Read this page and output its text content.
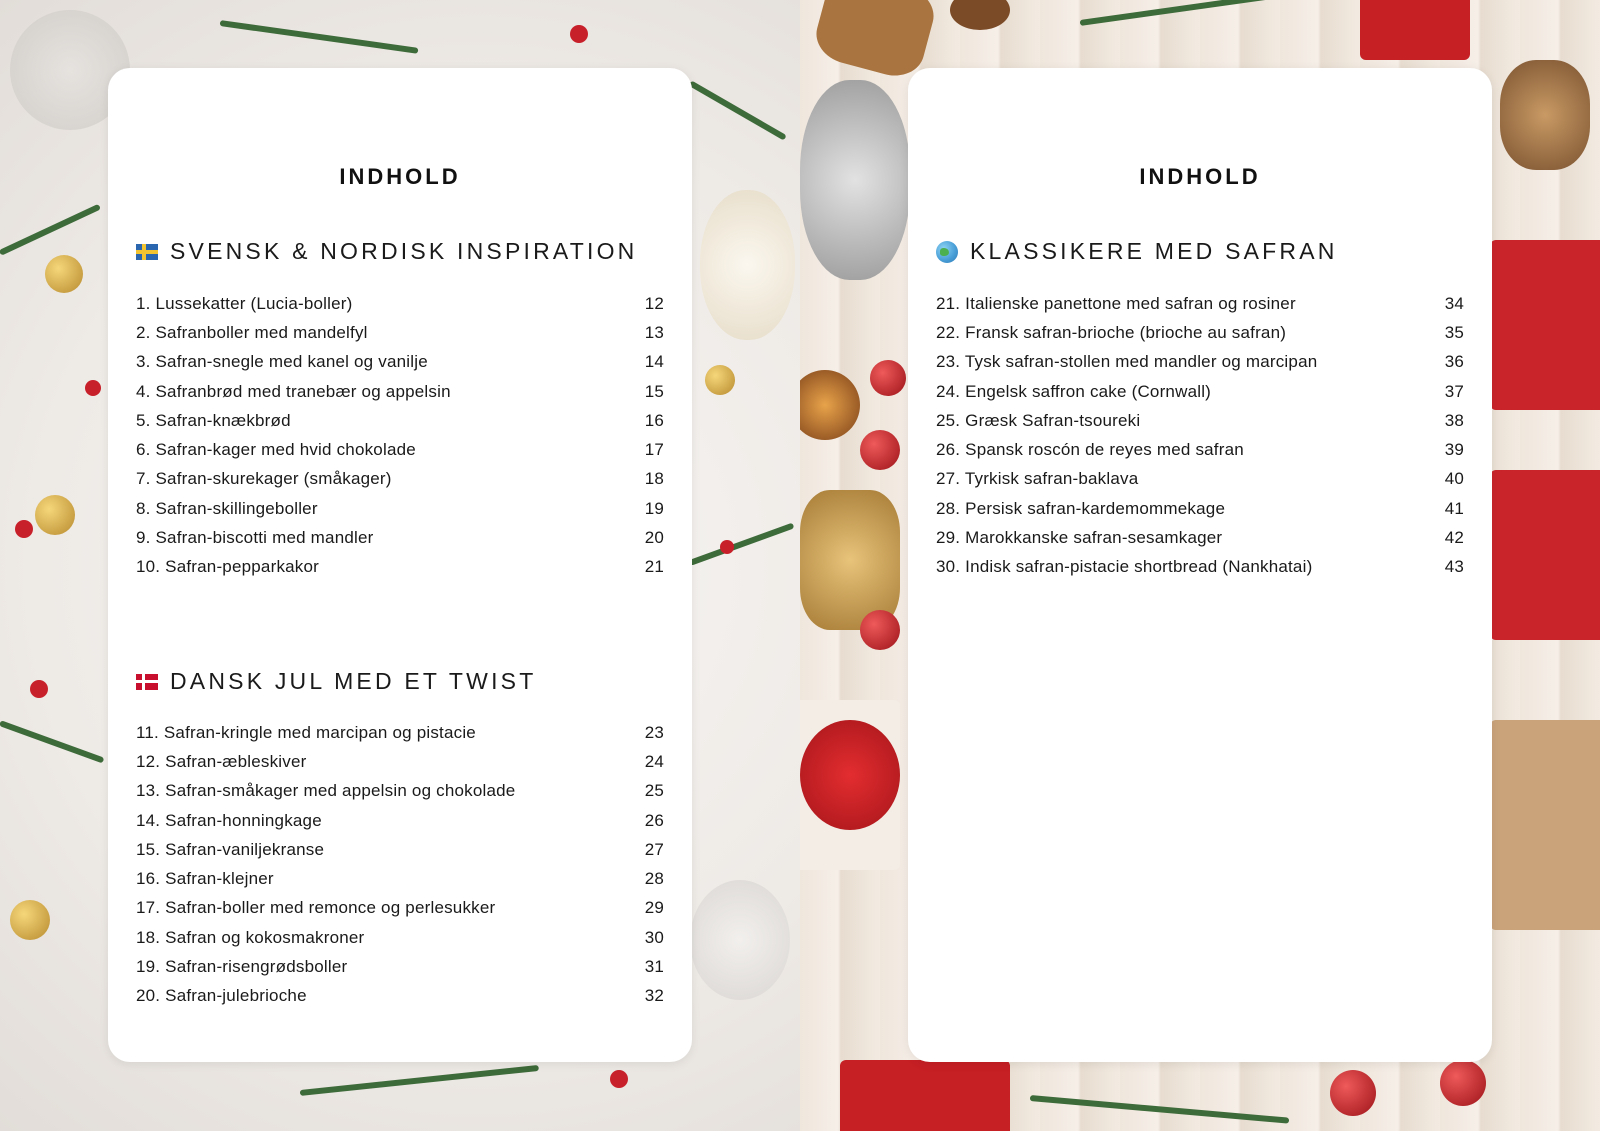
INDHOLD
SVENSK & NORDISK INSPIRATION
1. Lussekatter (Lucia-boller)	12
2. Safranboller med mandelfyl	13
3. Safran-snegle med kanel og vanilje	14
4. Safranbrød med tranebær og appelsin	15
5. Safran-knækbrød	16
6. Safran-kager med hvid chokolade	17
7. Safran-skurekager (småkager)	18
8. Safran-skillingeboller	19
9. Safran-biscotti med mandler	20
10. Safran-pepparkakor	21
DANSK JUL MED ET TWIST
11. Safran-kringle med marcipan og pistacie	23
12. Safran-æbleskiver	24
13. Safran-småkager med appelsin og chokolade	25
14. Safran-honningkage	26
15. Safran-vaniljekranse	27
16. Safran-klejner	28
17. Safran-boller med remonce og perlesukker	29
18. Safran og kokosmakroner	30
19. Safran-risengrødsboller	31
20. Safran-julebrioche	32
INDHOLD
KLASSIKERE MED SAFRAN
21. Italienske panettone med safran og rosiner	34
22. Fransk safran-brioche (brioche au safran)	35
23. Tysk safran-stollen med mandler og marcipan	36
24. Engelsk saffron cake (Cornwall)	37
25. Græsk Safran-tsoureki	38
26. Spansk roscón de reyes med safran	39
27. Tyrkisk safran-baklava	40
28. Persisk safran-kardemommekage	41
29. Marokkanske safran-sesamkager	42
30. Indisk safran-pistacie shortbread (Nankhatai)	43
